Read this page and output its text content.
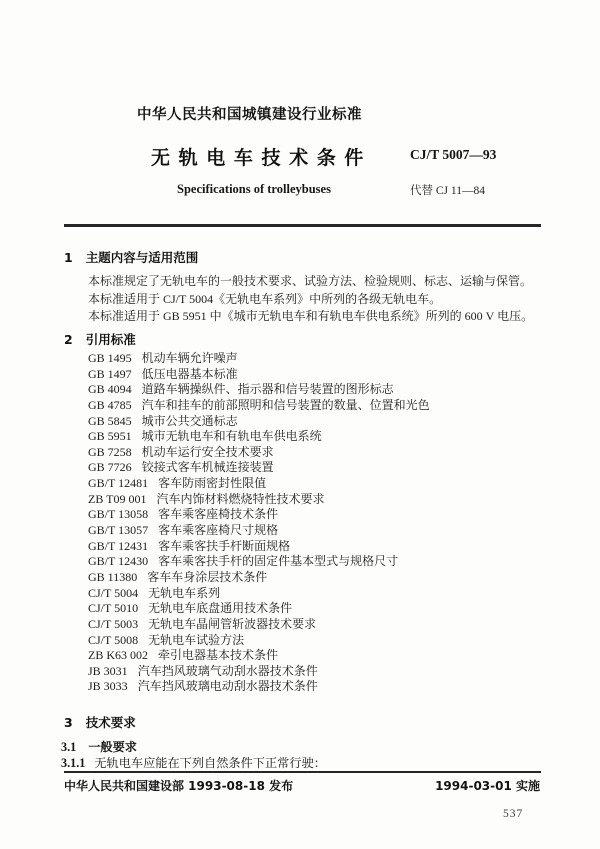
中华人民共和国城镇建设行业标准
无 轨 电 车 技 术 条 件
Specifications of trolleybuses
CJ/T 5007—93
代替 CJ 11—84
1 主题内容与适用范围
本标准规定了无轨电车的一般技术要求、试验方法、检验规则、标志、运输与保管。
本标准适用于 CJ/T 5004《无轨电车系列》中所列的各级无轨电车。
本标准适用于 GB 5951 中《城市无轨电车和有轨电车供电系统》所列的 600 V 电压。
2 引用标准
GB 1495 机动车辆允许噪声
GB 1497 低压电器基本标准
GB 4094 道路车辆操纵件、指示器和信号装置的图形标志
GB 4785 汽车和挂车的前部照明和信号装置的数量、位置和光色
GB 5845 城市公共交通标志
GB 5951 城市无轨电车和有轨电车供电系统
GB 7258 机动车运行安全技术要求
GB 7726 铰接式客车机械连接装置
GB/T 12481 客车防雨密封性限值
ZB T09 001 汽车内饰材料燃烧特性技术要求
GB/T 13058 客车乘客座椅技术条件
GB/T 13057 客车乘客座椅尺寸规格
GB/T 12431 客车乘客扶手杆断面规格
GB/T 12430 客车乘客扶手杆的固定件基本型式与规格尺寸
GB 11380 客车车身涂层技术条件
CJ/T 5004 无轨电车系列
CJ/T 5010 无轨电车底盘通用技术条件
CJ/T 5003 无轨电车晶闸管斩波器技术要求
CJ/T 5008 无轨电车试验方法
ZB K63 002 牵引电器基本技术条件
JB 3031 汽车挡风玻璃气动刮水器技术条件
JB 3033 汽车挡风玻璃电动刮水器技术条件
3 技术要求
3.1 一般要求
3.1.1 无轨电车应能在下列自然条件下正常行驶：
中华人民共和国建设部 1993-08-18 发布	1994-03-01 实施
537
